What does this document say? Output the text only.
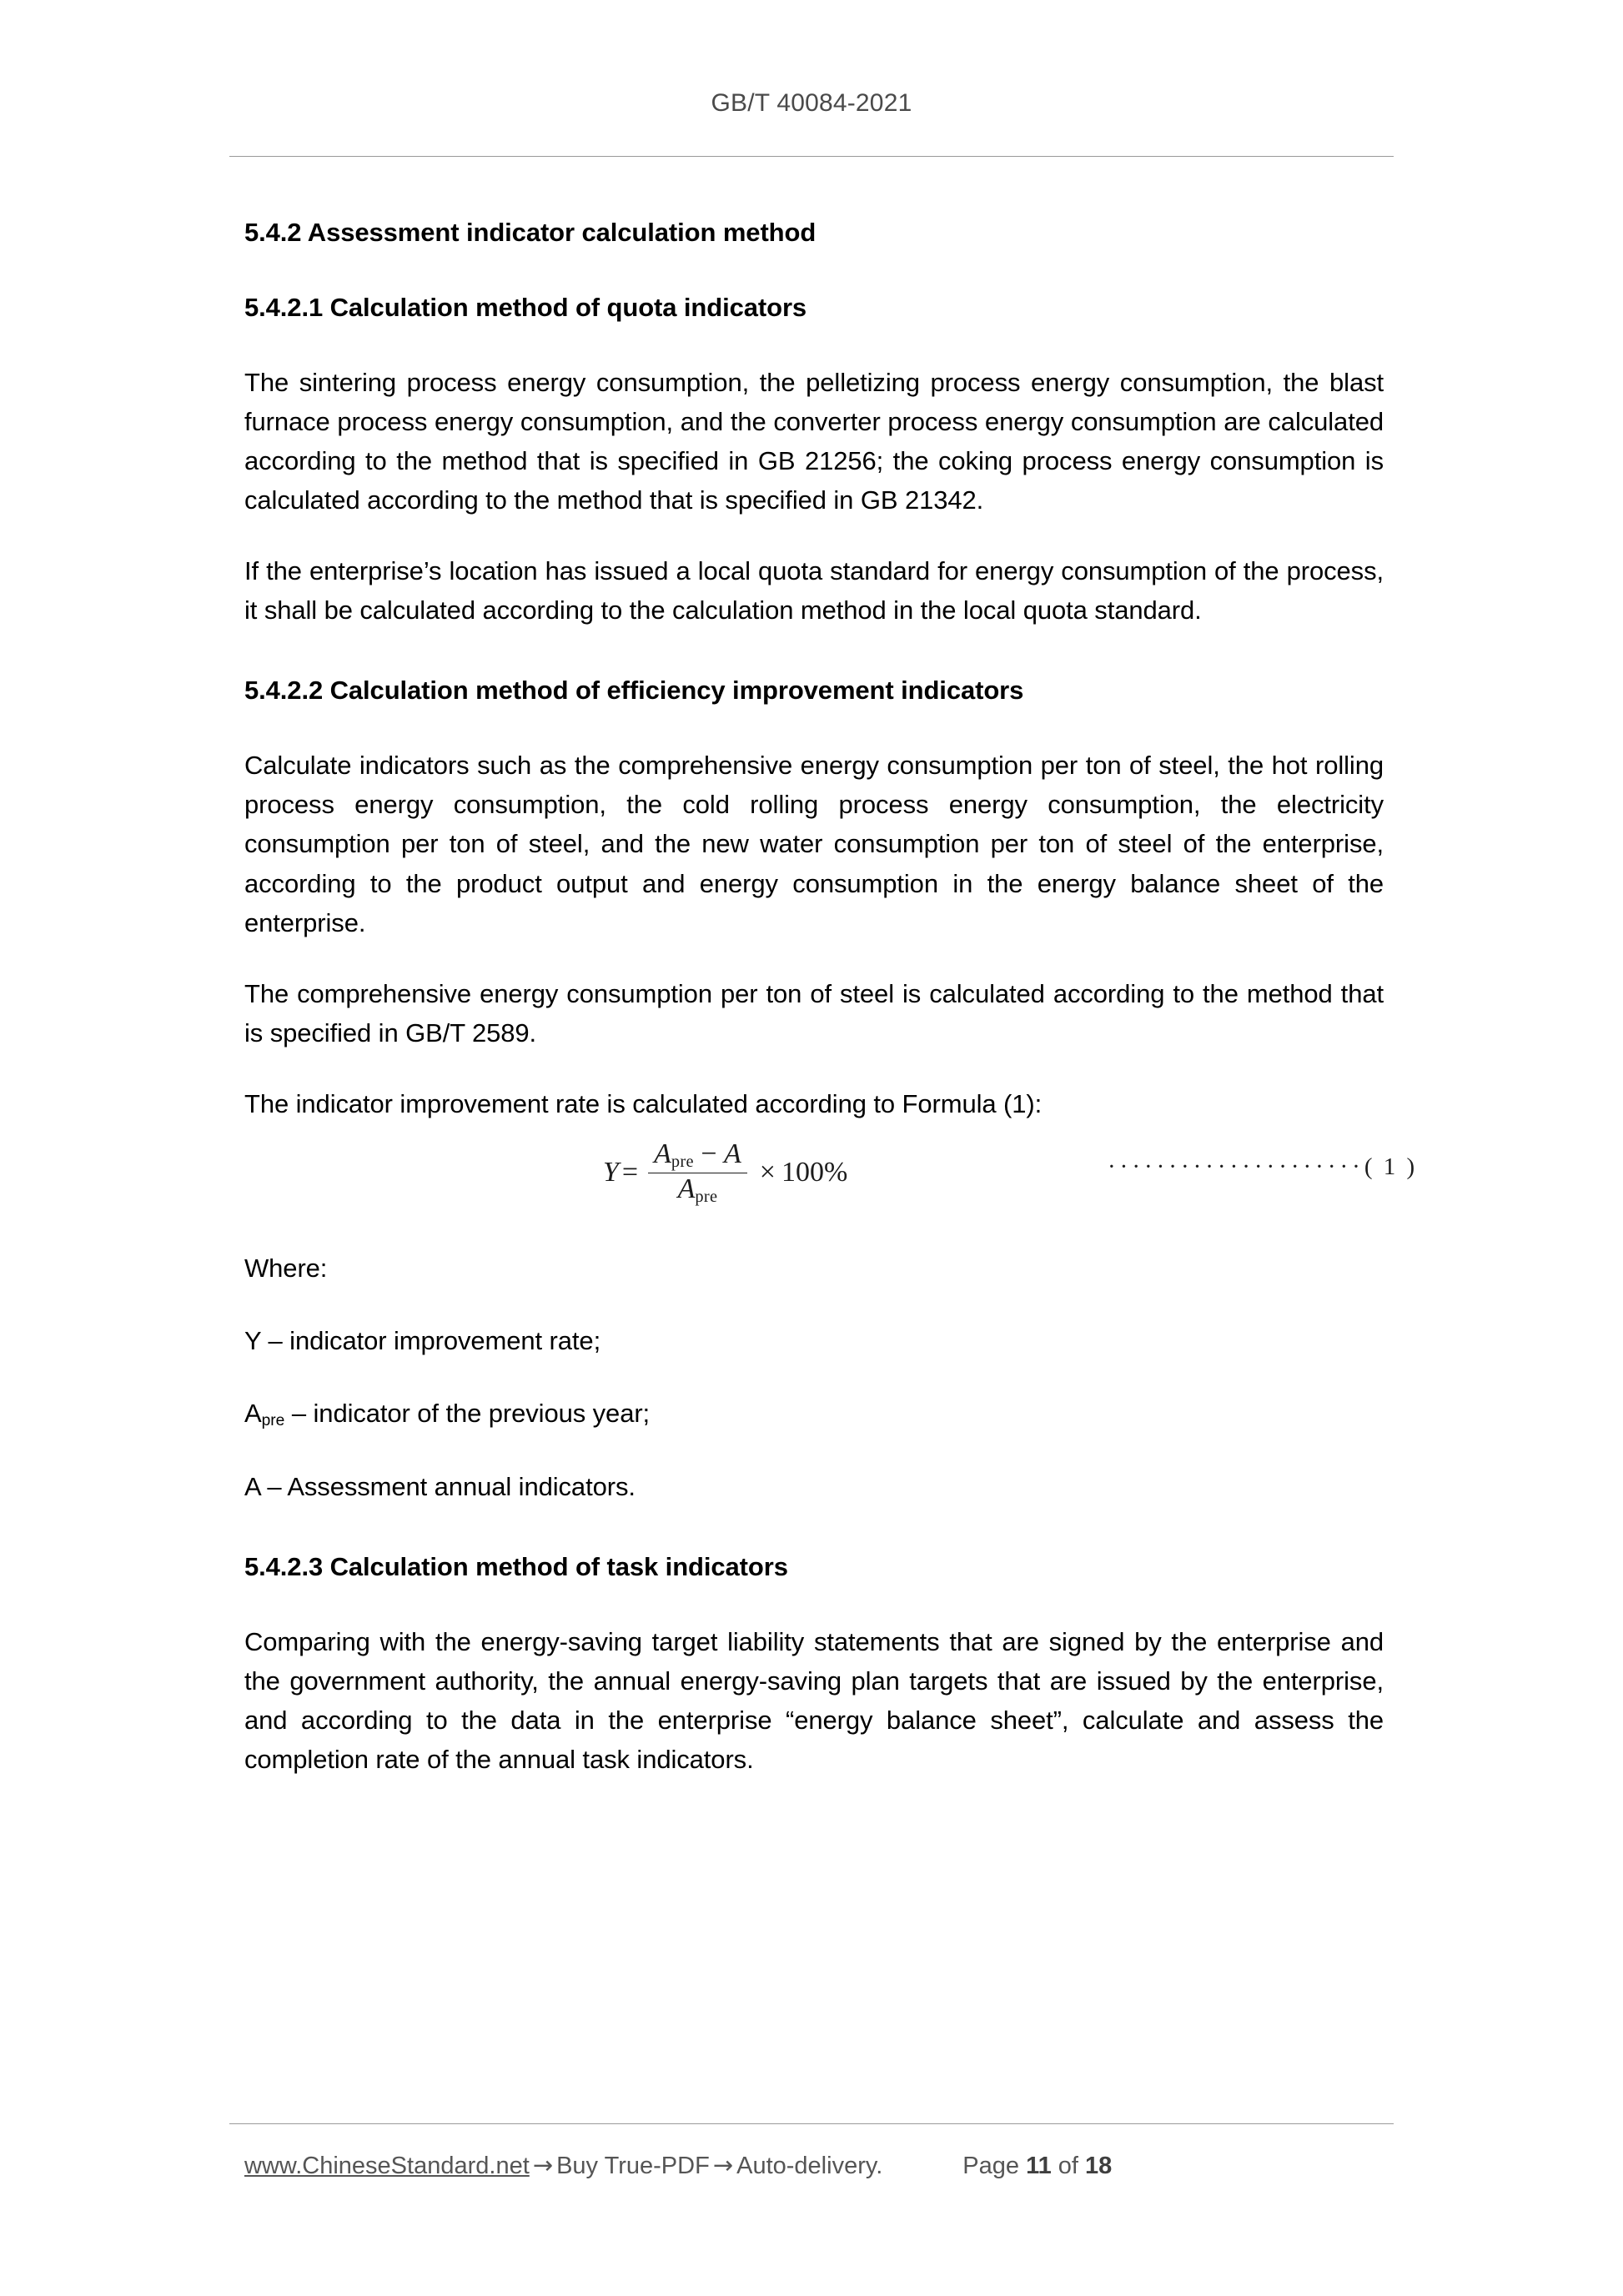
GB/T 40084-2021
5.4.2 Assessment indicator calculation method
5.4.2.1 Calculation method of quota indicators

The sintering process energy consumption, the pelletizing process energy consumption, the blast furnace process energy consumption, and the converter process energy consumption are calculated according to the method that is specified in GB 21256; the coking process energy consumption is calculated according to the method that is specified in GB 21342.

If the enterprise’s location has issued a local quota standard for energy consumption of the process, it shall be calculated according to the calculation method in the local quota standard.

5.4.2.2 Calculation method of efficiency improvement indicators

Calculate indicators such as the comprehensive energy consumption per ton of steel, the hot rolling process energy consumption, the cold rolling process energy consumption, the electricity consumption per ton of steel, and the new water consumption per ton of steel of the enterprise, according to the product output and energy consumption in the energy balance sheet of the enterprise.

The comprehensive energy consumption per ton of steel is calculated according to the method that is specified in GB/T 2589.

The indicator improvement rate is calculated according to Formula (1):

$Y = \frac{A_{pre} - A}{A_{pre}} \times 100\%$	·····················( 1 )

Where:

Y – indicator improvement rate;

$A_{pre}$ – indicator of the previous year;

A – Assessment annual indicators.

5.4.2.3 Calculation method of task indicators

Comparing with the energy-saving target liability statements that are signed by the enterprise and the government authority, the annual energy-saving plan targets that are issued by the enterprise, and according to the data in the enterprise “energy balance sheet”, calculate and assess the completion rate of the annual task indicators.

www.ChineseStandard.net → Buy True-PDF → Auto-delivery.	Page 11 of 18
